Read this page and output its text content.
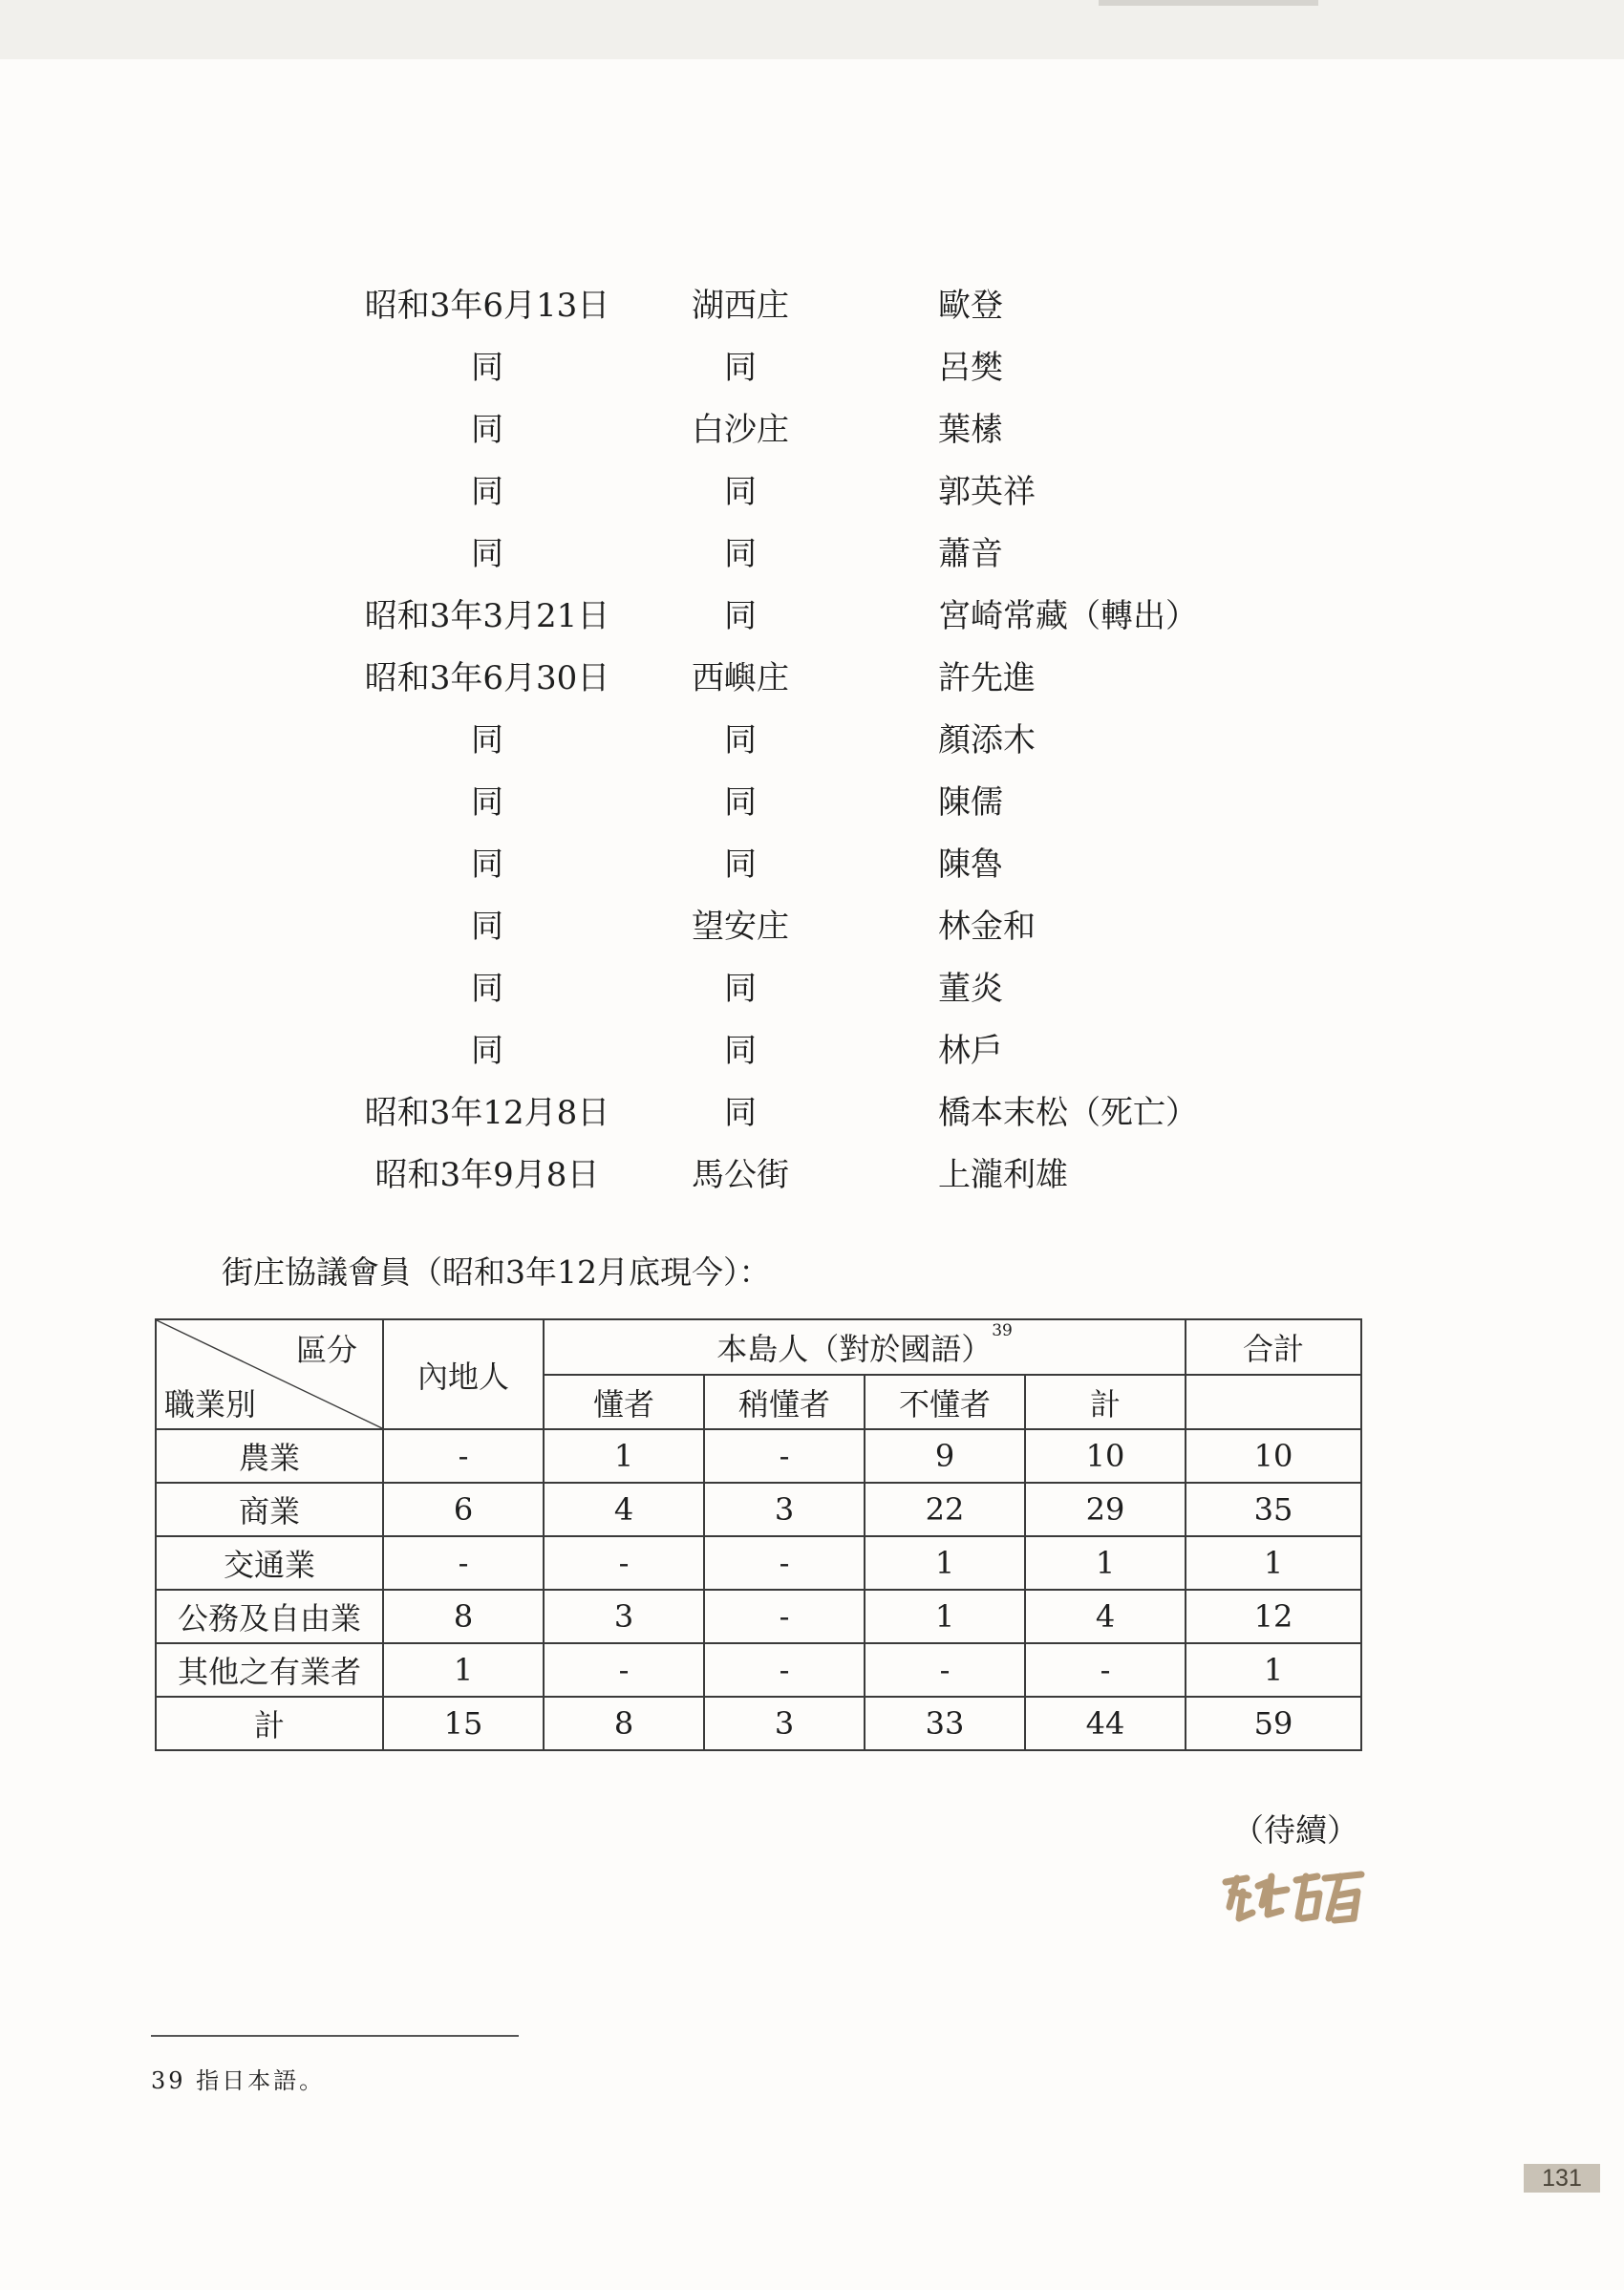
昭和3年6月13日	湖西庄	歐登
同	同	呂樊
同	白沙庄	葉榡
同	同	郭英祥
同	同	蕭音
昭和3年3月21日	同	宮崎常藏（轉出）
昭和3年6月30日	西嶼庄	許先進
同	同	顏添木
同	同	陳儒
同	同	陳魯
同	望安庄	林金和
同	同	董炎
同	同	林戶
昭和3年12月8日	同	橋本末松（死亡）
昭和3年9月8日	馬公街	上瀧利雄
街庄協議會員（昭和3年12月底現今）：
區分
職業別	內地人	本島人（對於國語）$^{39}$				合計
		懂者	稍懂者	不懂者	計	
農業	-	1	-	9	10	10
商業	6	4	3	22	29	35
交通業	-	-	-	1	1	1
公務及自由業	8	3	-	1	4	12
其他之有業者	1	-	-	-	-	1
計	15	8	3	33	44	59
（待續）
39 指日本語。
131
